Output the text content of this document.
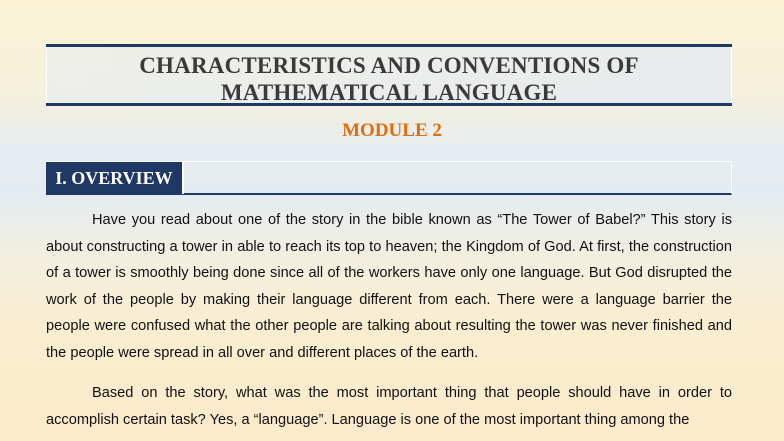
CHARACTERISTICS AND CONVENTIONS OF
MATHEMATICAL LANGUAGE
MODULE 2
I. OVERVIEW

Have you read about one of the story in the bible known as “The Tower of Babel?” This story is about constructing a tower in able to reach its top to heaven; the Kingdom of God. At first, the construction of a tower is smoothly being done since all of the workers have only one language. But God disrupted the work of the people by making their language different from each. There were a language barrier the people were confused what the other people are talking about resulting the tower was never finished and the people were spread in all over and different places of the earth.

Based on the story, what was the most important thing that people should have in order to accomplish certain task? Yes, a “language”. Language is one of the most important thing among the
